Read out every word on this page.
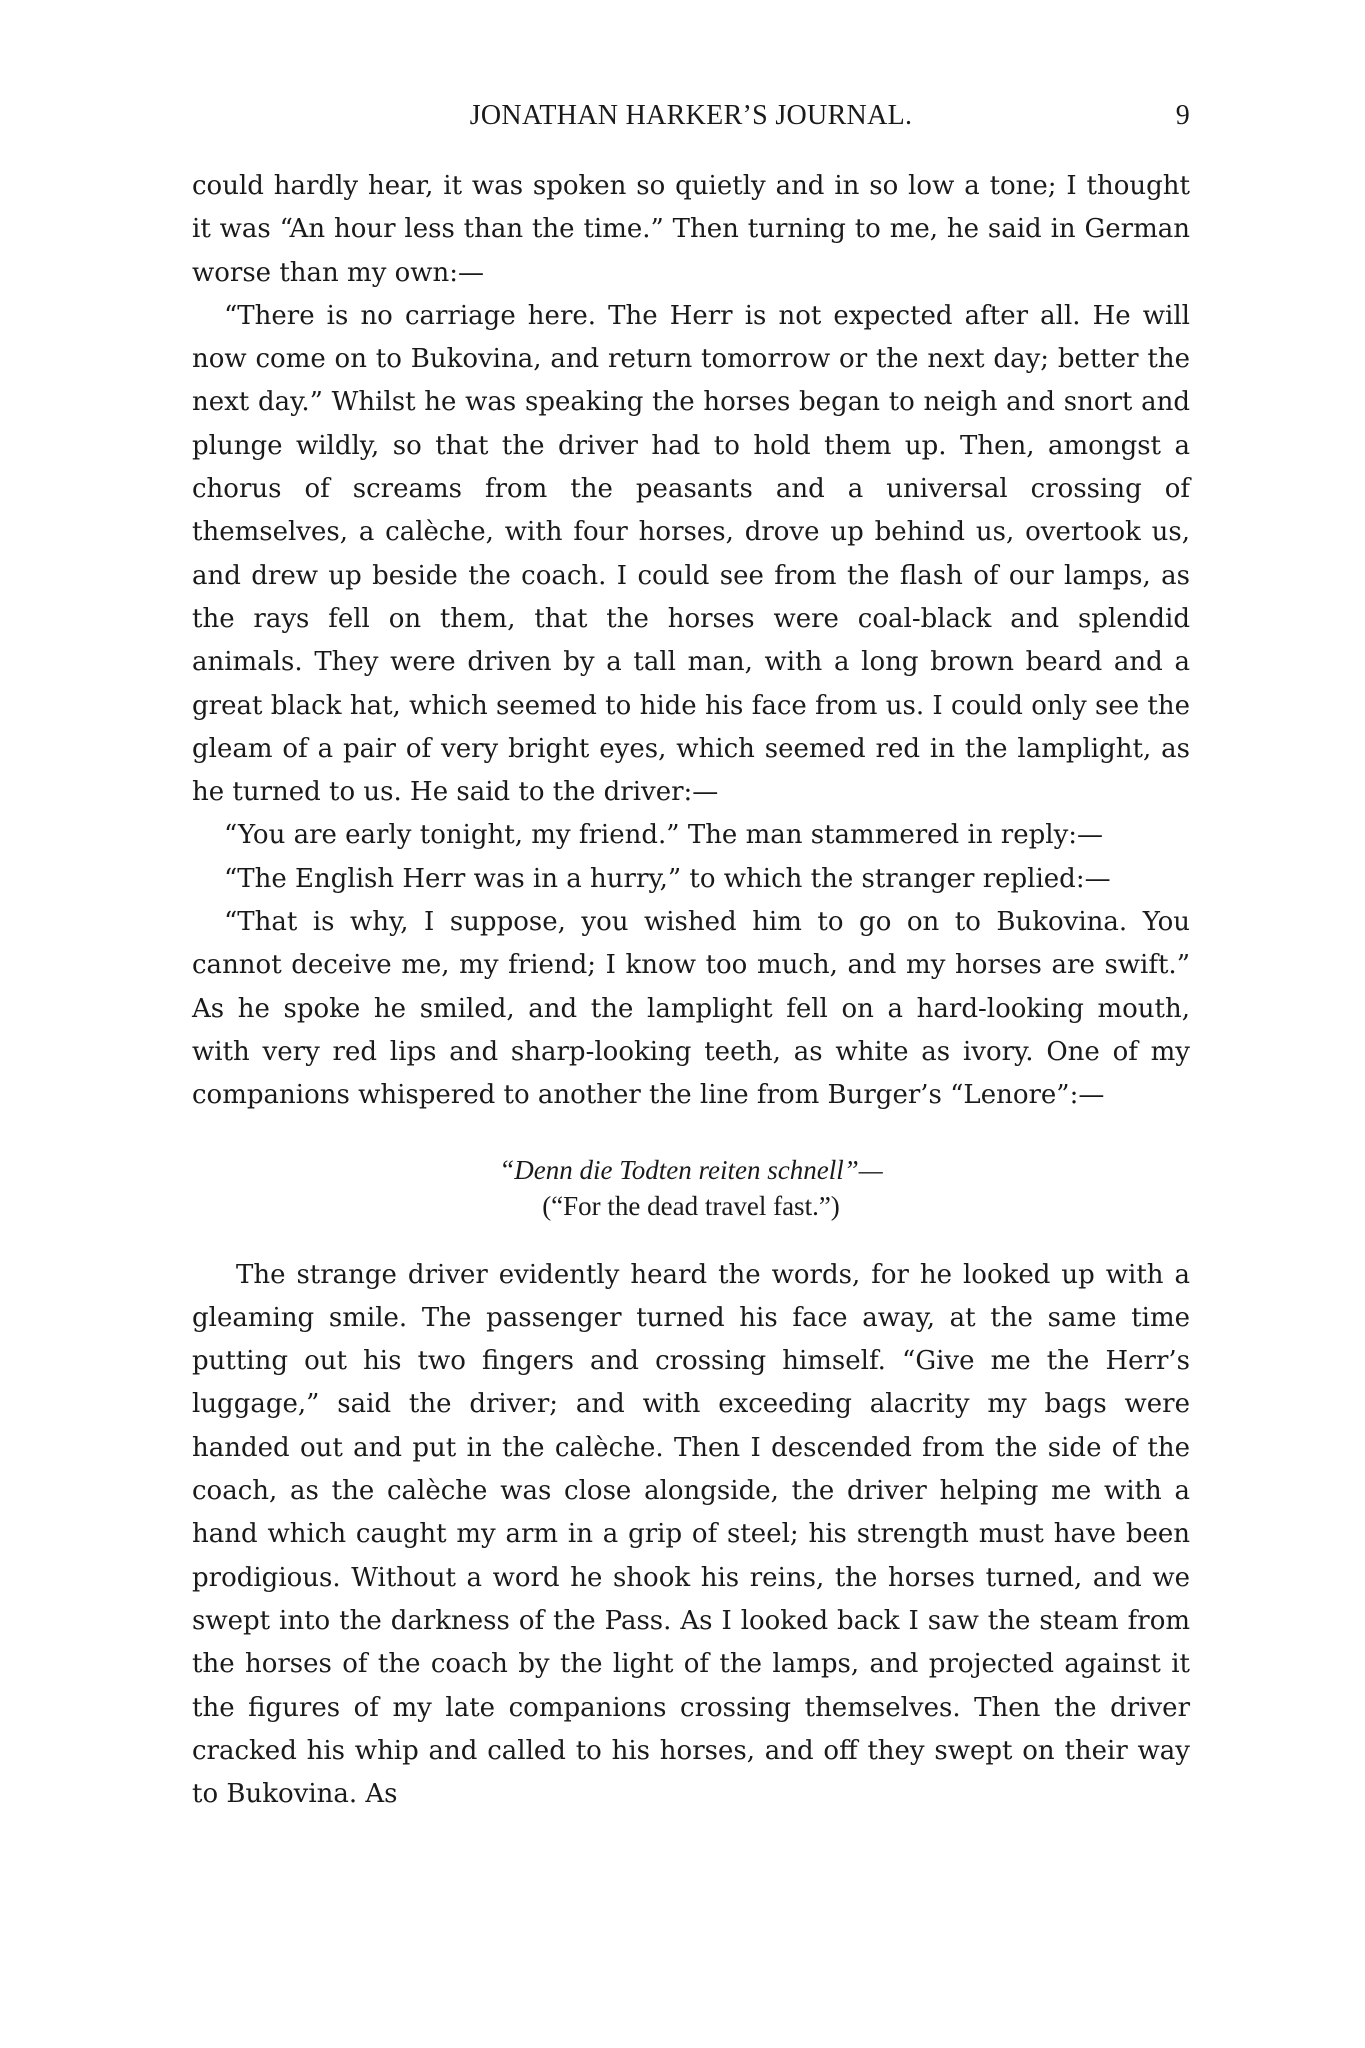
JONATHAN HARKER’S JOURNAL.	9

could hardly hear, it was spoken so quietly and in so low a tone; I thought it was “An hour less than the time.” Then turning to me, he said in German worse than my own:—

“There is no carriage here. The Herr is not expected after all. He will now come on to Bukovina, and return tomorrow or the next day; better the next day.” Whilst he was speaking the horses began to neigh and snort and plunge wildly, so that the driver had to hold them up. Then, amongst a chorus of screams from the peasants and a universal crossing of themselves, a calèche, with four horses, drove up behind us, overtook us, and drew up beside the coach. I could see from the flash of our lamps, as the rays fell on them, that the horses were coal-black and splendid animals. They were driven by a tall man, with a long brown beard and a great black hat, which seemed to hide his face from us. I could only see the gleam of a pair of very bright eyes, which seemed red in the lamplight, as he turned to us. He said to the driver:—

“You are early tonight, my friend.” The man stammered in reply:—

“The English Herr was in a hurry,” to which the stranger replied:—

“That is why, I suppose, you wished him to go on to Bukovina. You cannot deceive me, my friend; I know too much, and my horses are swift.” As he spoke he smiled, and the lamplight fell on a hard-looking mouth, with very red lips and sharp-looking teeth, as white as ivory. One of my companions whispered to another the line from Burger’s “Lenore”:—

“Denn die Todten reiten schnell”—
(“For the dead travel fast.”)

The strange driver evidently heard the words, for he looked up with a gleaming smile. The passenger turned his face away, at the same time putting out his two fingers and crossing himself. “Give me the Herr’s luggage,” said the driver; and with exceeding alacrity my bags were handed out and put in the calèche. Then I descended from the side of the coach, as the calèche was close alongside, the driver helping me with a hand which caught my arm in a grip of steel; his strength must have been prodigious. Without a word he shook his reins, the horses turned, and we swept into the darkness of the Pass. As I looked back I saw the steam from the horses of the coach by the light of the lamps, and projected against it the figures of my late companions crossing themselves. Then the driver cracked his whip and called to his horses, and off they swept on their way to Bukovina. As
